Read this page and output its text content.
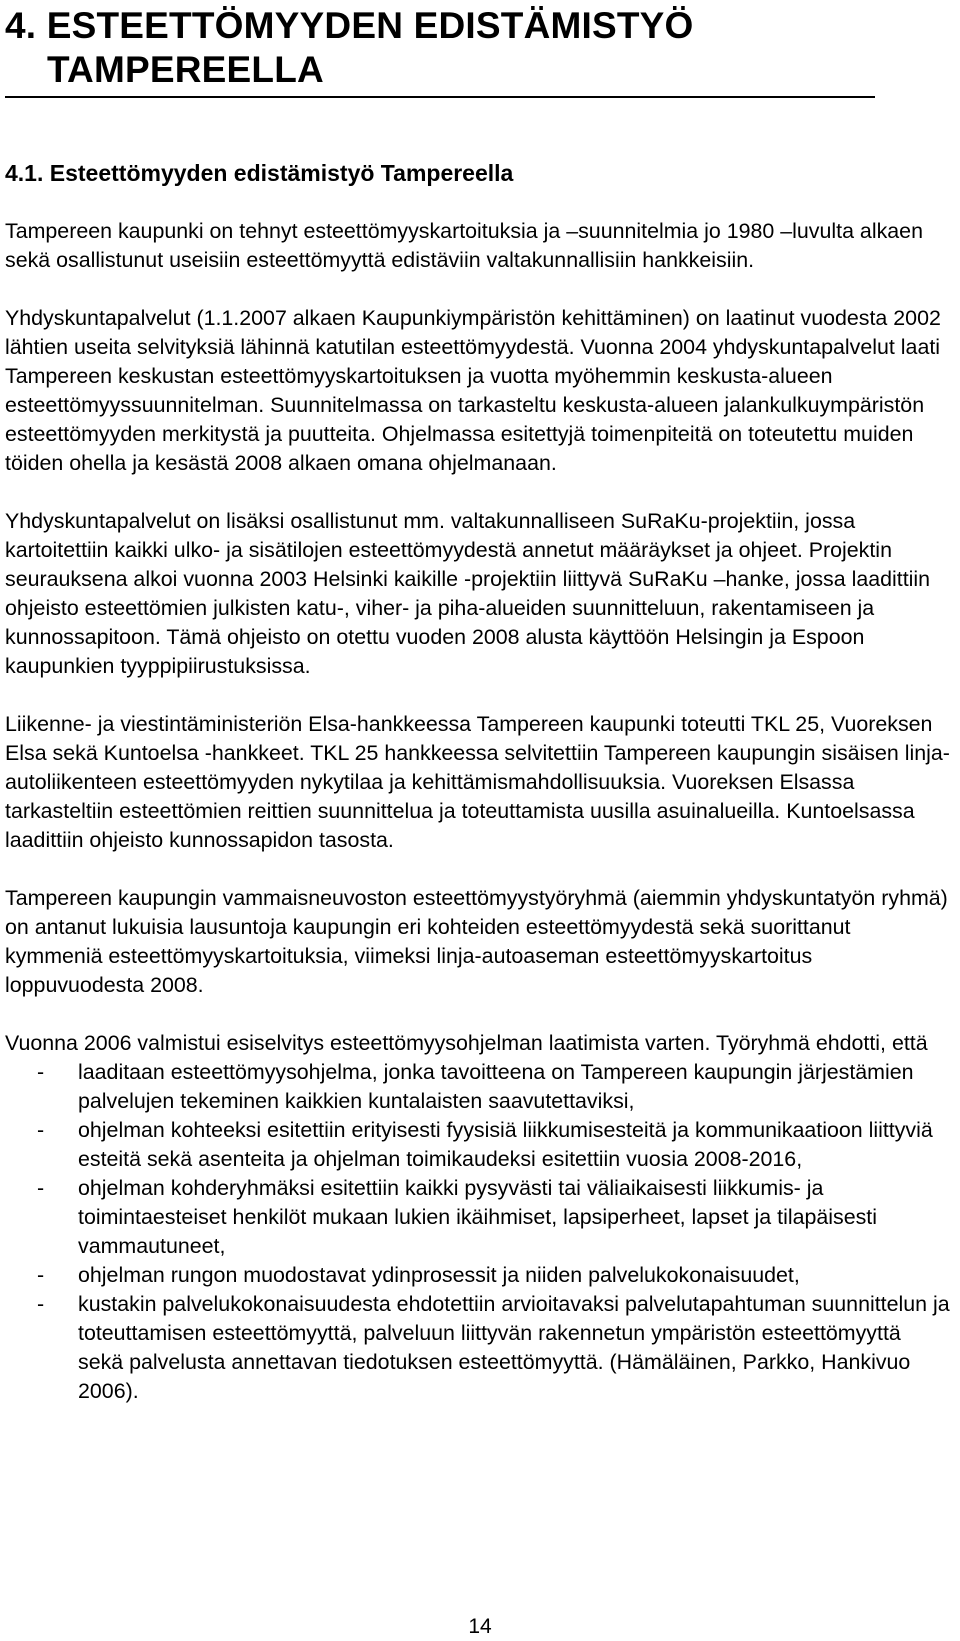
4. ESTEETTÖMYYDEN EDISTÄMISTYÖ
TAMPEREELLA
4.1. Esteettömyyden edistämistyö Tampereella

Tampereen kaupunki on tehnyt esteettömyyskartoituksia ja –suunnitelmia jo 1980 –luvulta alkaen sekä osallistunut useisiin esteettömyyttä edistäviin valtakunnallisiin hankkeisiin.

Yhdyskuntapalvelut (1.1.2007 alkaen Kaupunkiympäristön kehittäminen) on laatinut vuodesta 2002 lähtien useita selvityksiä lähinnä katutilan esteettömyydestä. Vuonna 2004 yhdyskuntapalvelut laati Tampereen keskustan esteettömyyskartoituksen ja vuotta myöhemmin keskusta-alueen esteettömyyssuunnitelman. Suunnitelmassa on tarkasteltu keskusta-alueen jalankulkuympäristön esteettömyyden merkitystä ja puutteita. Ohjelmassa esitettyjä toimenpiteitä on toteutettu muiden töiden ohella ja kesästä 2008 alkaen omana ohjelmanaan.

Yhdyskuntapalvelut on lisäksi osallistunut mm. valtakunnalliseen SuRaKu-projektiin, jossa kartoitettiin kaikki ulko- ja sisätilojen esteettömyydestä annetut määräykset ja ohjeet. Projektin seurauksena alkoi vuonna 2003 Helsinki kaikille -projektiin liittyvä SuRaKu –hanke, jossa laadittiin ohjeisto esteettömien julkisten katu-, viher- ja piha-alueiden suunnitteluun, rakentamiseen ja kunnossapitoon. Tämä ohjeisto on otettu vuoden 2008 alusta käyttöön Helsingin ja Espoon kaupunkien tyyppipiirustuksissa.

Liikenne- ja viestintäministeriön Elsa-hankkeessa Tampereen kaupunki toteutti TKL 25, Vuoreksen Elsa sekä Kuntoelsa -hankkeet. TKL 25 hankkeessa selvitettiin Tampereen kaupungin sisäisen linja-autoliikenteen esteettömyyden nykytilaa ja kehittämismahdollisuuksia. Vuoreksen Elsassa tarkasteltiin esteettömien reittien suunnittelua ja toteuttamista uusilla asuinalueilla. Kuntoelsassa laadittiin ohjeisto kunnossapidon tasosta.

Tampereen kaupungin vammaisneuvoston esteettömyystyöryhmä (aiemmin yhdyskuntatyön ryhmä) on antanut lukuisia lausuntoja kaupungin eri kohteiden esteettömyydestä sekä suorittanut kymmeniä esteettömyyskartoituksia, viimeksi linja-autoaseman esteettömyyskartoitus loppuvuodesta 2008.

Vuonna 2006 valmistui esiselvitys esteettömyysohjelman laatimista varten. Työryhmä ehdotti, että

- laaditaan esteettömyysohjelma, jonka tavoitteena on Tampereen kaupungin järjestämien palvelujen tekeminen kaikkien kuntalaisten saavutettaviksi,
- ohjelman kohteeksi esitettiin erityisesti fyysisiä liikkumisesteitä ja kommunikaatioon liittyviä esteitä sekä asenteita ja ohjelman toimikaudeksi esitettiin vuosia 2008-2016,
- ohjelman kohderyhmäksi esitettiin kaikki pysyvästi tai väliaikaisesti liikkumis- ja toimintaesteiset henkilöt mukaan lukien ikäihmiset, lapsiperheet, lapset ja tilapäisesti vammautuneet,
- ohjelman rungon muodostavat ydinprosessit ja niiden palvelukokonaisuudet,
- kustakin palvelukokonaisuudesta ehdotettiin arvioitavaksi palvelutapahtuman suunnittelun ja toteuttamisen esteettömyyttä, palveluun liittyvän rakennetun ympäristön esteettömyyttä sekä palvelusta annettavan tiedotuksen esteettömyyttä. (Hämäläinen, Parkko, Hankivuo 2006).
14
